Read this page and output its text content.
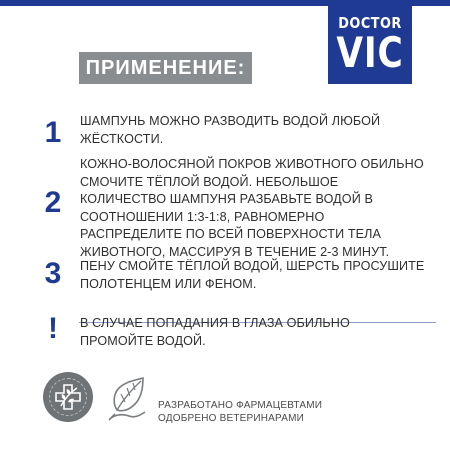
DOCTOR
VIC
ПРИМЕНЕНИЕ:
1	ШАМПУНЬ МОЖНО РАЗВОДИТЬ ВОДОЙ ЛЮБОЙ ЖЁСТКОСТИ.
2
КОЖНО-ВОЛОСЯНОЙ ПОКРОВ ЖИВОТНОГО ОБИЛЬНО СМОЧИТЕ ТЁПЛОЙ ВОДОЙ. НЕБОЛЬШОЕ КОЛИЧЕСТВО ШАМПУНЯ РАЗБАВЬТЕ ВОДОЙ В СООТНОШЕНИИ 1:3-1:8, РАВНОМЕРНО РАСПРЕДЕЛИТЕ ПО ВСЕЙ ПОВЕРХНОСТИ ТЕЛА ЖИВОТНОГО, МАССИРУЯ В ТЕЧЕНИЕ 2-3 МИНУТ.
3	ПЕНУ СМОЙТЕ ТЁПЛОЙ ВОДОЙ, ШЕРСТЬ ПРОСУШИТЕ ПОЛОТЕНЦЕМ ИЛИ ФЕНОМ.
!	В СЛУЧАЕ ПОПАДАНИЯ В ГЛАЗА ОБИЛЬНО ПРОМОЙТЕ ВОДОЙ.
РАЗРАБОТАНО ФАРМАЦЕВТАМИ
ОДОБРЕНО ВЕТЕРИНАРАМИ
